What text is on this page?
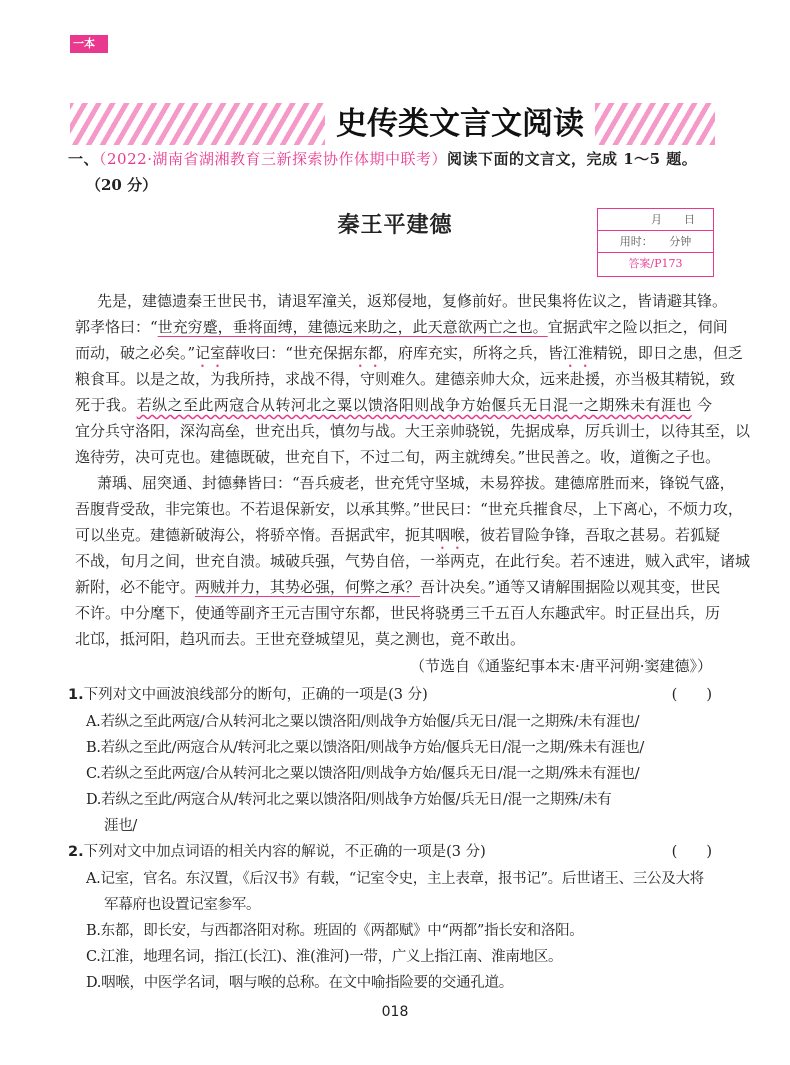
一本
史传类文言文阅读
一、（2022·湖南省湖湘教育三新探索协作体期中联考）阅读下面的文言文，完成 1～5 题。
（20 分）
秦王平建德	月　　日
用时：　　分钟
答案/P173
先是，建德遗秦王世民书，请退军潼关，返郑侵地，复修前好。世民集将佐议之，皆请避其锋。
郭孝恪曰：“世充穷蹙，垂将面缚，建德远来助之，此天意欲两亡之也。宜据武牢之险以拒之，伺间
而动，破之必矣。”记室薛收曰：“世充保据东都，府库充实，所将之兵，皆江淮精锐，即日之患，但乏
粮食耳。以是之故，为我所持，求战不得，守则难久。建德亲帅大众，远来赴援，亦当极其精锐，致
死于我。若纵之至此两寇合从转河北之粟以馈洛阳则战争方始偃兵无日混一之期殊未有涯也 今
宜分兵守洛阳，深沟高垒，世充出兵，慎勿与战。大王亲帅骁锐，先据成皋，厉兵训士，以待其至，以
逸待劳，决可克也。建德既破，世充自下，不过二旬，两主就缚矣。”世民善之。收，道衡之子也。
萧瑀、屈突通、封德彝皆曰：“吾兵疲老，世充凭守坚城，未易猝拔。建德席胜而来，锋锐气盛，
吾腹背受敌，非完策也。不若退保新安，以承其弊。”世民曰：“世充兵摧食尽，上下离心，不烦力攻，
可以坐克。建德新破海公，将骄卒惰。吾据武牢，扼其咽喉，彼若冒险争锋，吾取之甚易。若狐疑
不战，旬月之间，世充自溃。城破兵强，气势自倍，一举两克，在此行矣。若不速进，贼入武牢，诸城
新附，必不能守。两贼并力，其势必强，何弊之承？吾计决矣。”通等又请解围据险以观其变，世民
不许。中分麾下，使通等副齐王元吉围守东都，世民将骁勇三千五百人东趣武牢。时正昼出兵，历
北邙，抵河阳，趋巩而去。王世充登城望见，莫之测也，竟不敢出。
（节选自《通鉴纪事本末·唐平河朔·窦建德》）
1.下列对文中画波浪线部分的断句，正确的一项是(3 分)	(　　)
A.若纵之至此两寇/合从转河北之粟以馈洛阳/则战争方始偃/兵无日/混一之期殊/未有涯也/
B.若纵之至此/两寇合从/转河北之粟以馈洛阳/则战争方始/偃兵无日/混一之期/殊未有涯也/
C.若纵之至此两寇/合从转河北之粟以馈洛阳/则战争方始/偃兵无日/混一之期/殊未有涯也/
D.若纵之至此/两寇合从/转河北之粟以馈洛阳/则战争方始偃/兵无日/混一之期殊/未有
涯也/
2.下列对文中加点词语的相关内容的解说，不正确的一项是(3 分)	(　　)
A.记室，官名。东汉置，《后汉书》有载，“记室令史，主上表章，报书记”。后世诸王、三公及大将
军幕府也设置记室参军。
B.东都，即长安，与西都洛阳对称。班固的《两都赋》中“两都”指长安和洛阳。
C.江淮，地理名词，指江(长江)、淮(淮河)一带，广义上指江南、淮南地区。
D.咽喉，中医学名词，咽与喉的总称。在文中喻指险要的交通孔道。
018
